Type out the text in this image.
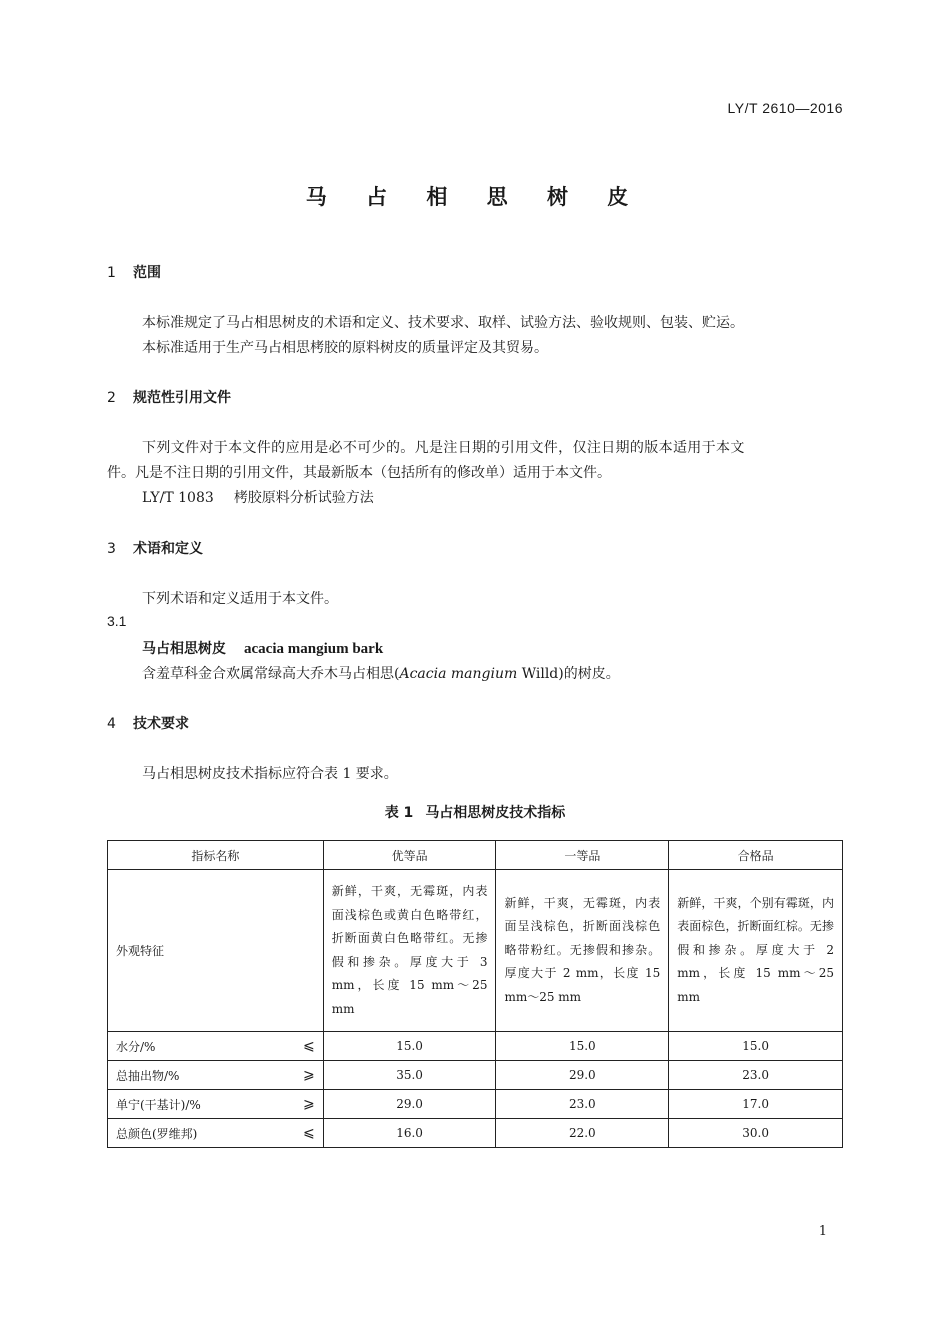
LY/T 2610—2016
马 占 相 思 树 皮
1 范围
本标准规定了马占相思树皮的术语和定义、技术要求、取样、试验方法、验收规则、包装、贮运。
本标准适用于生产马占相思栲胶的原料树皮的质量评定及其贸易。
2 规范性引用文件
下列文件对于本文件的应用是必不可少的。凡是注日期的引用文件，仅注日期的版本适用于本文
件。凡是不注日期的引用文件，其最新版本（包括所有的修改单）适用于本文件。
LY/T 1083 栲胶原料分析试验方法
3 术语和定义
下列术语和定义适用于本文件。
3.1
马占相思树皮 acacia mangium bark
含羞草科金合欢属常绿高大乔木马占相思(Acacia mangium Willd)的树皮。
4 技术要求
马占相思树皮技术指标应符合表 1 要求。
表 1 马占相思树皮技术指标
指标名称	优等品	一等品	合格品
外观特征	新鲜，干爽，无霉斑，内表面浅棕色或黄白色略带红，折断面黄白色略带红。无掺假和掺杂。厚度大于 3 mm，长度 15 mm～25 mm	新鲜，干爽，无霉斑，内表面呈浅棕色，折断面浅棕色略带粉红。无掺假和掺杂。厚度大于 2 mm，长度 15 mm～25 mm	新鲜，干爽，个别有霉斑，内表面棕色，折断面红棕。无掺假和掺杂。厚度大于 2 mm，长度 15 mm～25 mm

水分/% ⩽	15.0	15.0	15.0

总抽出物/% ⩾	35.0	29.0	23.0

单宁(干基计)/% ⩾	29.0	23.0	17.0

总颜色(罗维邦) ⩽	16.0	22.0	30.0
1
